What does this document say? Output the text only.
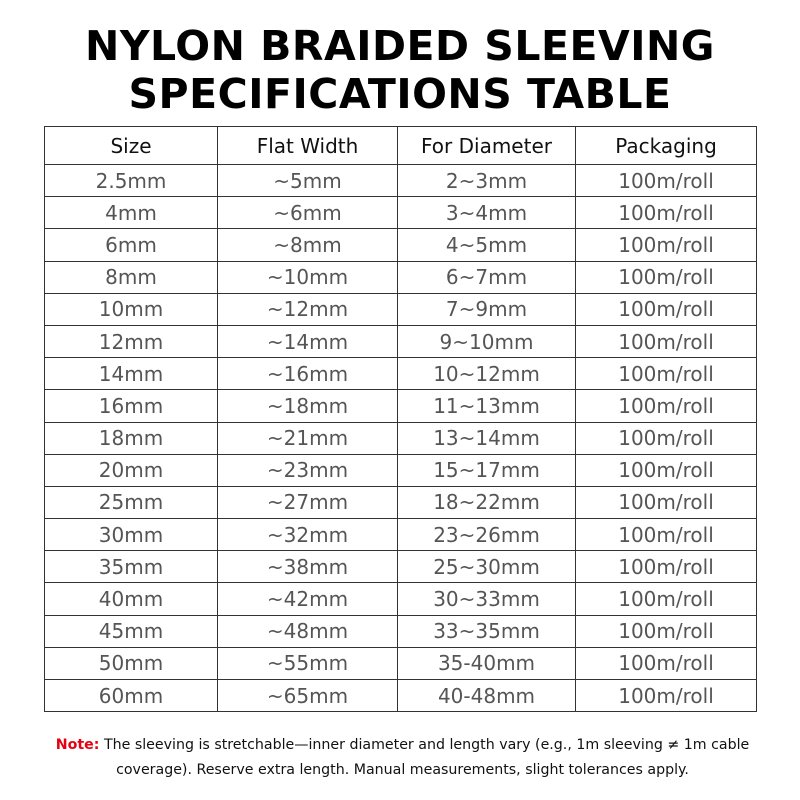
NYLON BRAIDED SLEEVING
SPECIFICATIONS TABLE
Size	Flat Width	For Diameter	Packaging
2.5mm	~5mm	2~3mm	100m/roll
4mm	~6mm	3~4mm	100m/roll
6mm	~8mm	4~5mm	100m/roll
8mm	~10mm	6~7mm	100m/roll
10mm	~12mm	7~9mm	100m/roll
12mm	~14mm	9~10mm	100m/roll
14mm	~16mm	10~12mm	100m/roll
16mm	~18mm	11~13mm	100m/roll
18mm	~21mm	13~14mm	100m/roll
20mm	~23mm	15~17mm	100m/roll
25mm	~27mm	18~22mm	100m/roll
30mm	~32mm	23~26mm	100m/roll
35mm	~38mm	25~30mm	100m/roll
40mm	~42mm	30~33mm	100m/roll
45mm	~48mm	33~35mm	100m/roll
50mm	~55mm	35-40mm	100m/roll
60mm	~65mm	40-48mm	100m/roll
Note: The sleeving is stretchable—inner diameter and length vary (e.g., 1m sleeving ≠ 1m cable coverage). Reserve extra length. Manual measurements, slight tolerances apply.
